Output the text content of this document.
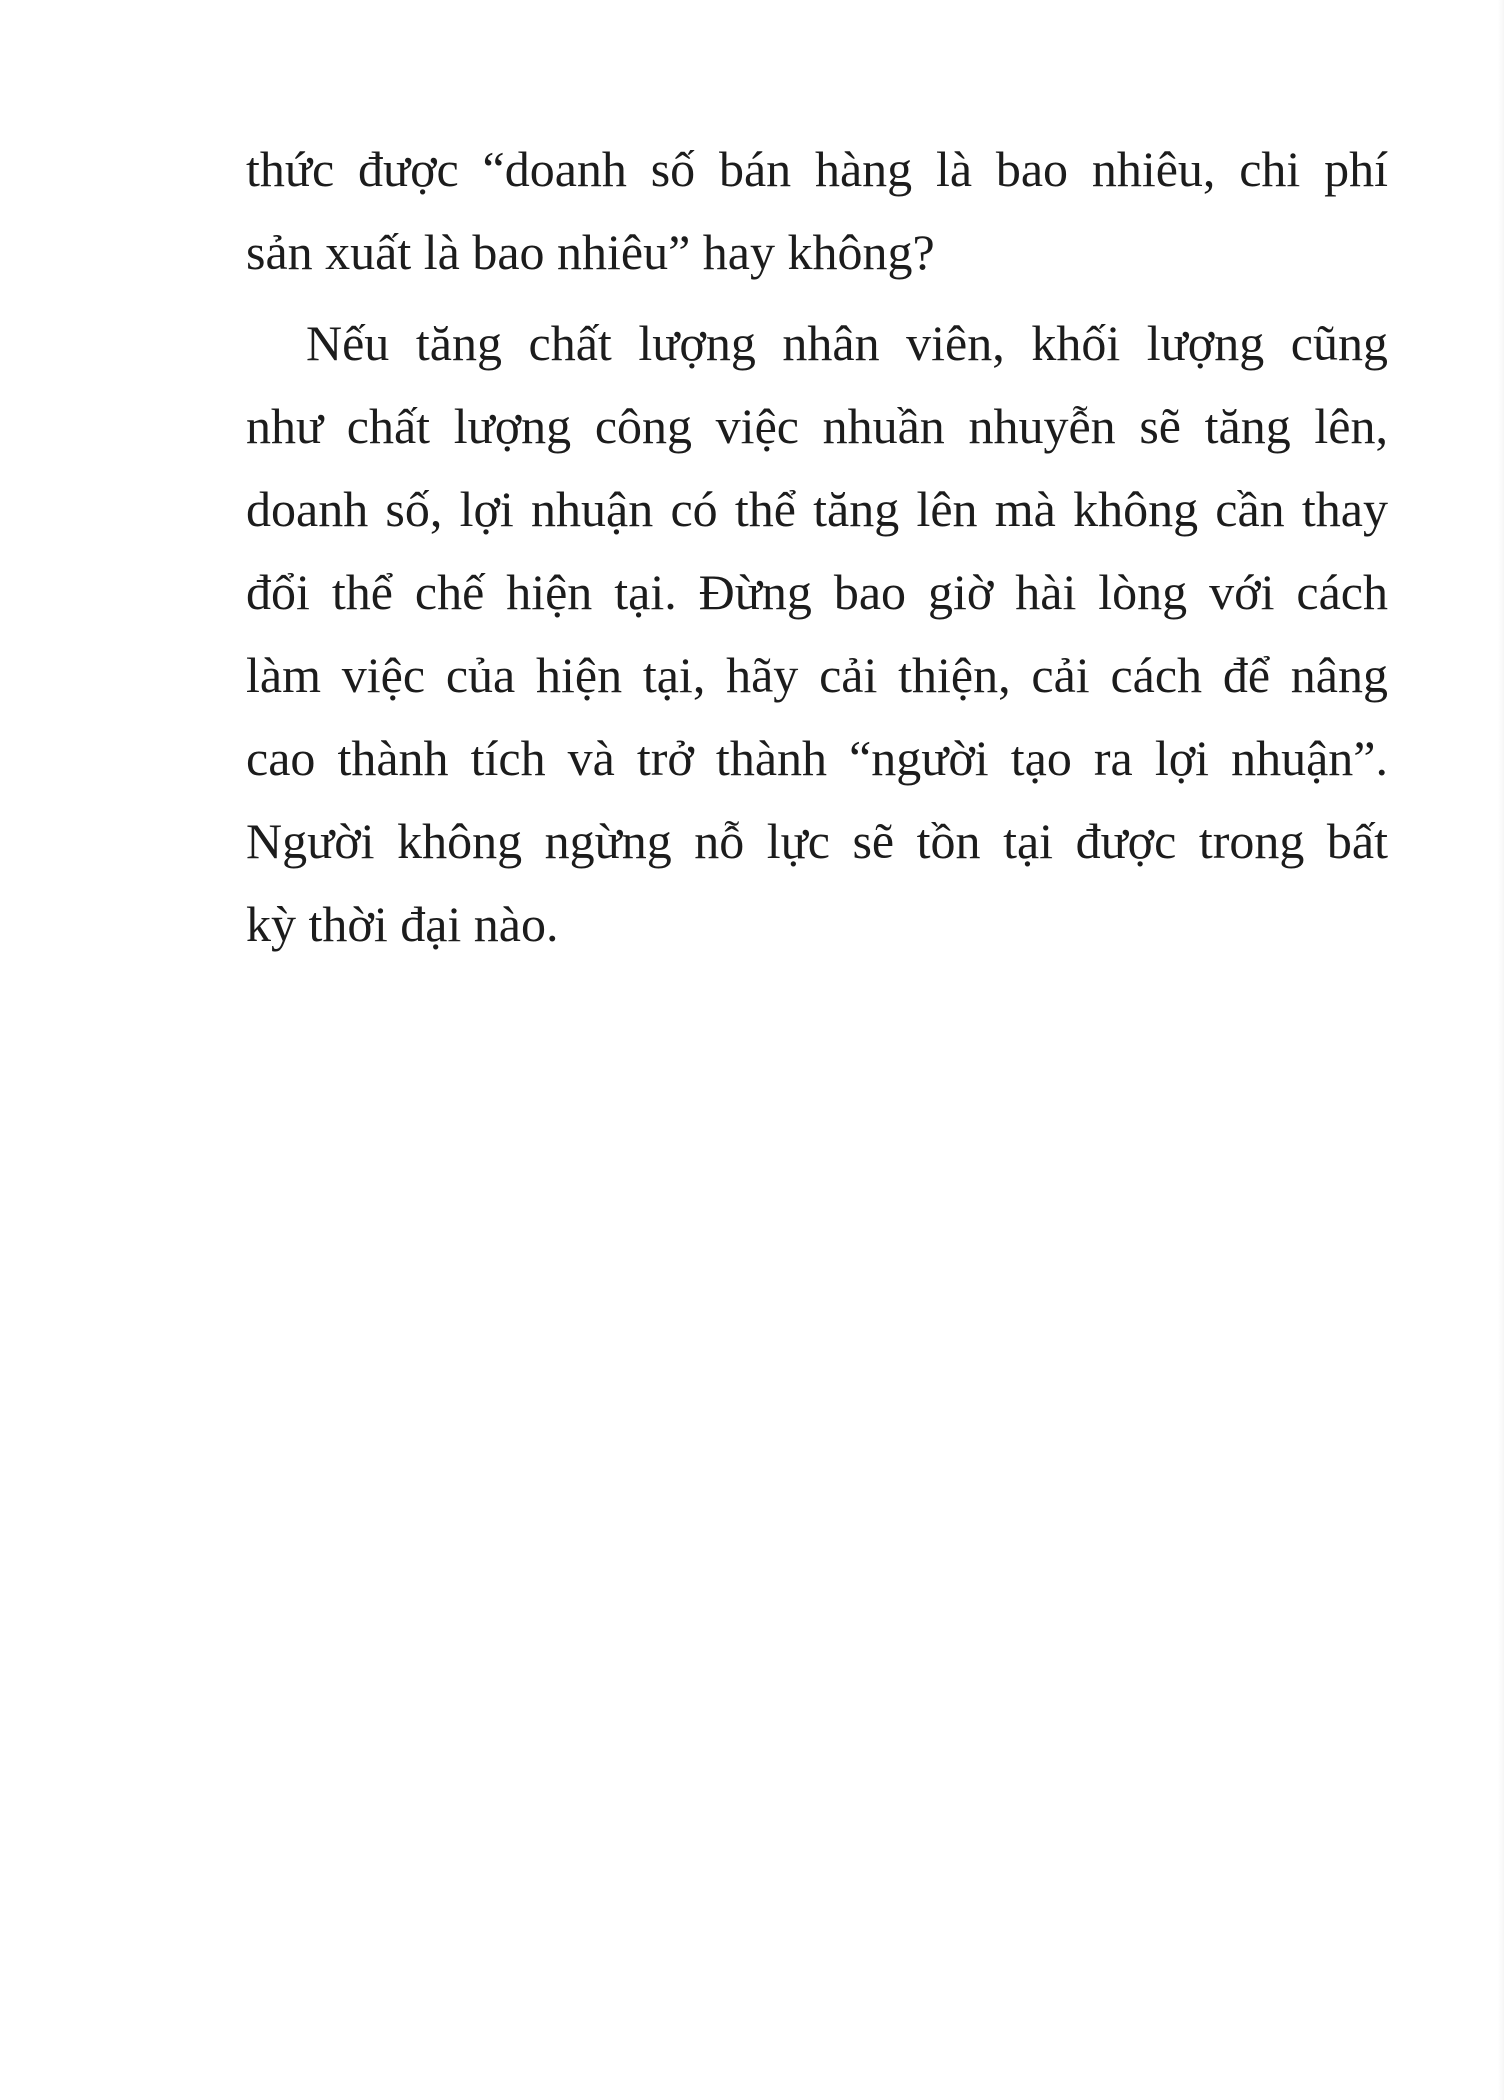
thức được “doanh số bán hàng là bao nhiêu, chi phí
sản xuất là bao nhiêu” hay không?
Nếu tăng chất lượng nhân viên, khối lượng cũng
như chất lượng công việc nhuần nhuyễn sẽ tăng lên,
doanh số, lợi nhuận có thể tăng lên mà không cần thay
đổi thể chế hiện tại. Đừng bao giờ hài lòng với cách
làm việc của hiện tại, hãy cải thiện, cải cách để nâng
cao thành tích và trở thành “người tạo ra lợi nhuận”.
Người không ngừng nỗ lực sẽ tồn tại được trong bất
kỳ thời đại nào.
